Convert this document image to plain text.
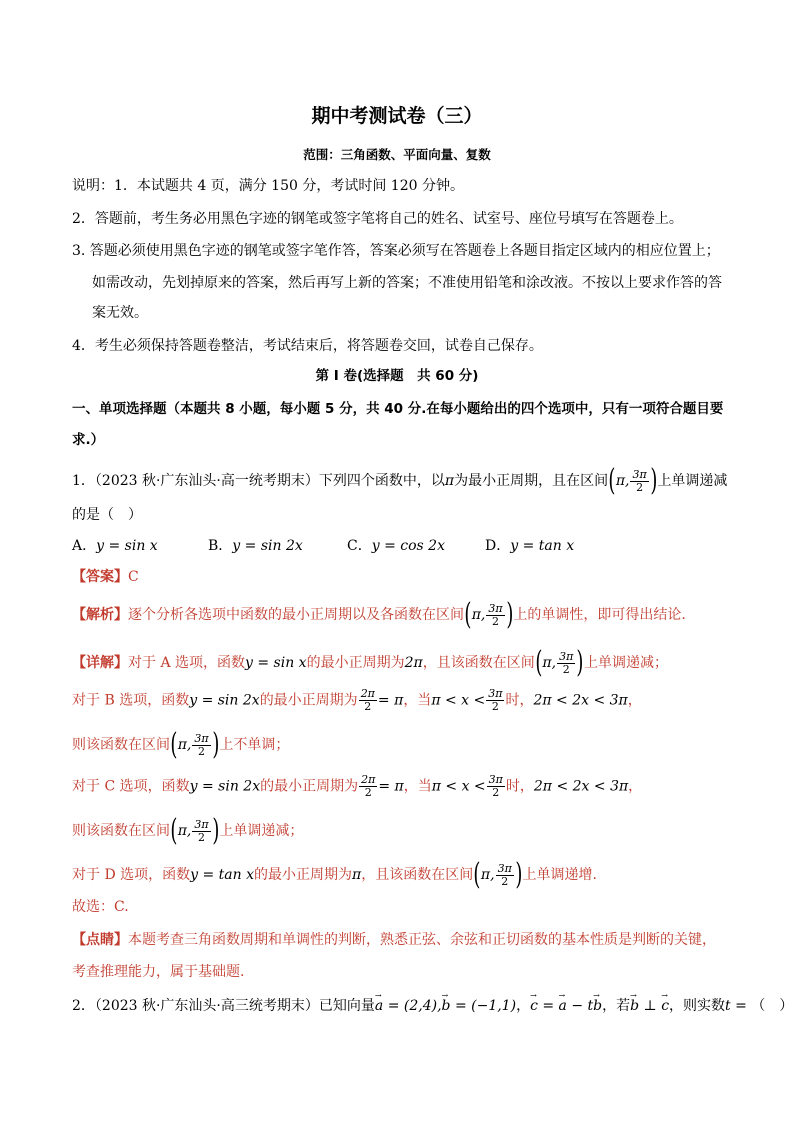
期中考测试卷（三）
范围：三角函数、平面向量、复数
说明：1．本试题共 4 页，满分 150 分，考试时间 120 分钟。
2．答题前，考生务必用黑色字迹的钢笔或签字笔将自己的姓名、试室号、座位号填写在答题卷上。
3. 答题必须使用黑色字迹的钢笔或签字笔作答，答案必须写在答题卷上各题目指定区域内的相应位置上；
如需改动，先划掉原来的答案，然后再写上新的答案；不准使用铅笔和涂改液。不按以上要求作答的答
案无效。
4．考生必须保持答题卷整洁，考试结束后，将答题卷交回，试卷自己保存。
第 I 卷(选择题　共 60 分)
一、单项选择题（本题共 8 小题，每小题 5 分，共 40 分.在每小题给出的四个选项中，只有一项符合题目要
求.）
1．（2023 秋·广东汕头·高一统考期末）下列四个函数中，以π为最小正周期，且在区间(π, $\frac{3\pi}{2}$ )上单调递减
的是（　）
A．y = sin x	B．y = sin 2x	C．y = cos 2x	D．y = tan x
【答案】C
【解析】逐个分析各选项中函数的最小正周期以及各函数在区间(π, $\frac{3\pi}{2}$ )上的单调性，即可得出结论.
【详解】对于 A 选项，函数y = sin x的最小正周期为2π，且该函数在区间(π, $\frac{3\pi}{2}$ )上单调递减；
对于 B 选项，函数y = sin 2x的最小正周期为 $\frac{2\pi}{2} = \pi$，当$\pi < x < \frac{3\pi}{2}$ 时，2π < 2x < 3π，
则该函数在区间(π, $\frac{3\pi}{2}$ )上不单调；
对于 C 选项，函数y = sin 2x的最小正周期为 $\frac{2\pi}{2} = \pi$，当$\pi < x < \frac{3\pi}{2}$ 时，2π < 2x < 3π，
则该函数在区间(π, $\frac{3\pi}{2}$ )上单调递减；
对于 D 选项，函数y = tan x的最小正周期为π，且该函数在区间(π, $\frac{3\pi}{2}$ )上单调递增.
故选：C.
【点睛】本题考查三角函数周期和单调性的判断，熟悉正弦、余弦和正切函数的基本性质是判断的关键，
考查推理能力，属于基础题.
2．（2023 秋·广东汕头·高三统考期末）已知向量→ a = (2,4),→ b = (−1,1)，→ c = → a − t→ b，若→ b ⊥ → c，则实数t = （　）
